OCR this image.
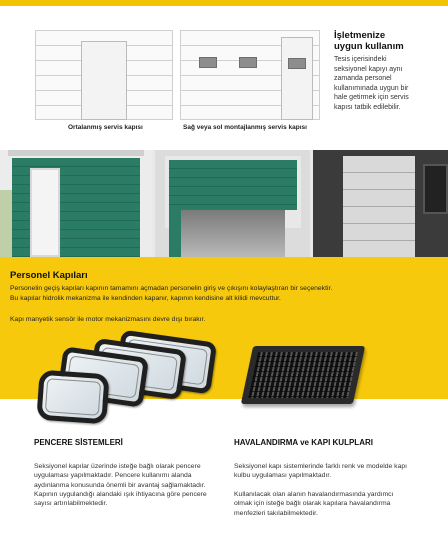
Ortalanmış servis kapısı	Sağ veya sol montajlanmış servis kapısı
İşletmenize
uygun kullanım
Tesis içerisindeki
seksiyonel kapıyı aynı
zamanda personel
kullanımınada uygun bir
hale getirmek için servis
kapısı tatbik edilebilir.
Personel Kapıları
Personelin geçiş kapıları kapının tamamını açmadan personelin giriş ve çıkışını kolaylaştıran bir seçenektir.
Bu kapılar hidrolik mekanizma ile kendinden kapanır, kapının kendisine alt kilidi mevcuttur.
Kapı manyetik sensör ile motor mekanizmasını devre dışı bırakır.
PENCERE SİSTEMLERİ
Seksiyonel kapılar üzerinde isteğe bağlı olarak pencere
uygulaması yapılmaktadır. Pencere kullanımı alanda
aydınlanma konusunda önemli bir avantaj sağlamaktadır.
Kapının uygulandığı alandaki ışık ihtiyacına göre pencere
sayısı artırılabilmektedir.
HAVALANDIRMA ve KAPI KULPLARI
Seksiyonel kapı sistemlerinde farklı renk ve modelde kapı
kulbu uygulaması yapılmaktadır.
Kullanılacak olan alanın havalandırmasında yardımcı
olmak için isteğe bağlı olarak kapılara havalandırma
menfezleri takılabilmektedir.
